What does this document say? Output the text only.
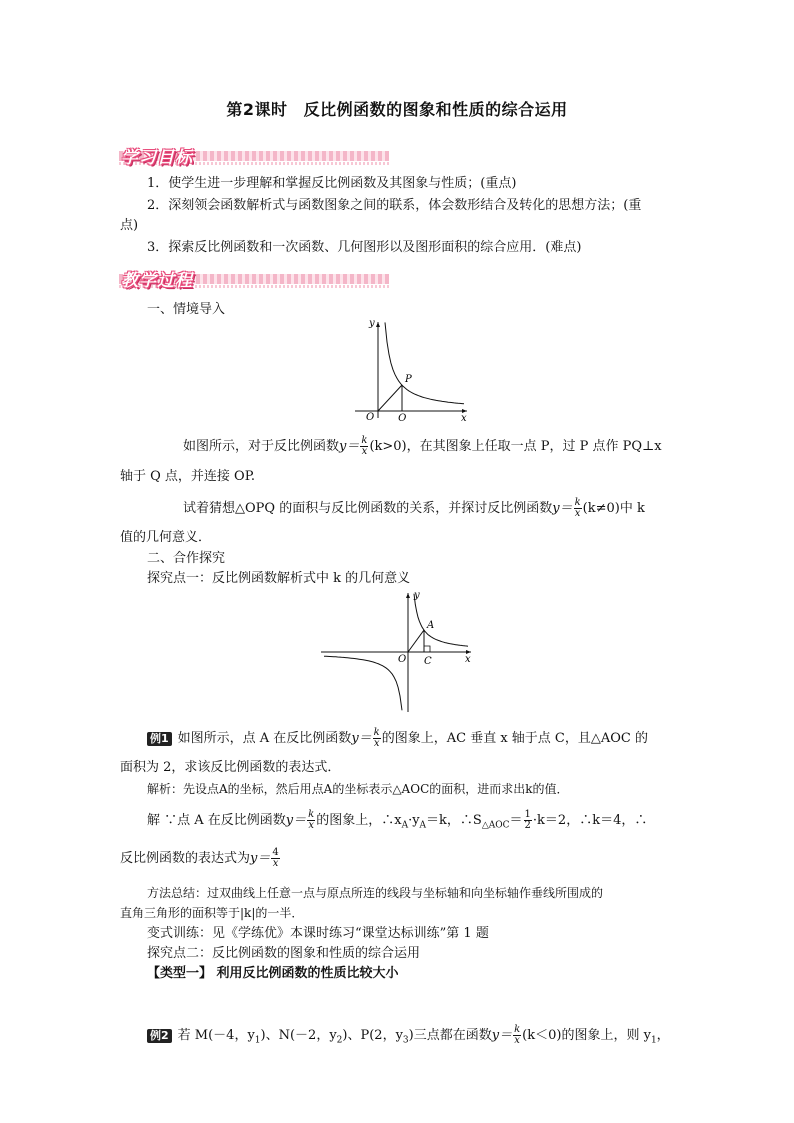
第2课时 反比例函数的图象和性质的综合运用
学习目标
1．使学生进一步理解和掌握反比例函数及其图象与性质；(重点)
2．深刻领会函数解析式与函数图象之间的联系，体会数形结合及转化的思想方法；(重
点)
3．探索反比例函数和一次函数、几何图形以及图形面积的综合应用．(难点)
教学过程
一、情境导入
y
x
O
P
Q
如图所示，对于反比例函数$y= \frac{k}{x} (k>0)$，在其图象上任取一点 P，过 P 点作 PQ⊥x
轴于 Q 点，并连接 OP.
试着猜想△OPQ 的面积与反比例函数的关系，并探讨反比例函数$y= \frac{k}{x} (k\ne 0)$中 k
值的几何意义．
二、合作探究
探究点一：反比例函数解析式中 k 的几何意义
y
x
O
A
C
例1 如图所示，点 A 在反比例函数$y= \frac{k}{x}$ 的图象上，AC 垂直 x 轴于点 C，且△AOC 的
面积为 2，求该反比例函数的表达式．
解析：先设点A的坐标，然后用点A的坐标表示△AOC的面积，进而求出k的值．
解 ∵点 A 在反比例函数$y= \frac{k}{x}$ 的图象上，$\therefore x_A\cdot y_A=k$，$\therefore S_{\triangle AOC}= \frac{1}{2} \cdot k=2$，∴k＝4，∴
反比例函数的表达式为$y= \frac{4}{x}$
方法总结：过双曲线上任意一点与原点所连的线段与坐标轴和向坐标轴作垂线所围成的
直角三角形的面积等于|k|的一半．
变式训练：见《学练优》本课时练习“课堂达标训练”第 1 题
探究点二：反比例函数的图象和性质的综合运用
【类型一】 利用反比例函数的性质比较大小
例2 若 M(－4，$y_1$)、N(－2，$y_2$)、P(2，$y_3$)三点都在函数$y= \frac{k}{x} (k<0)$的图象上，则 $y_1$，
